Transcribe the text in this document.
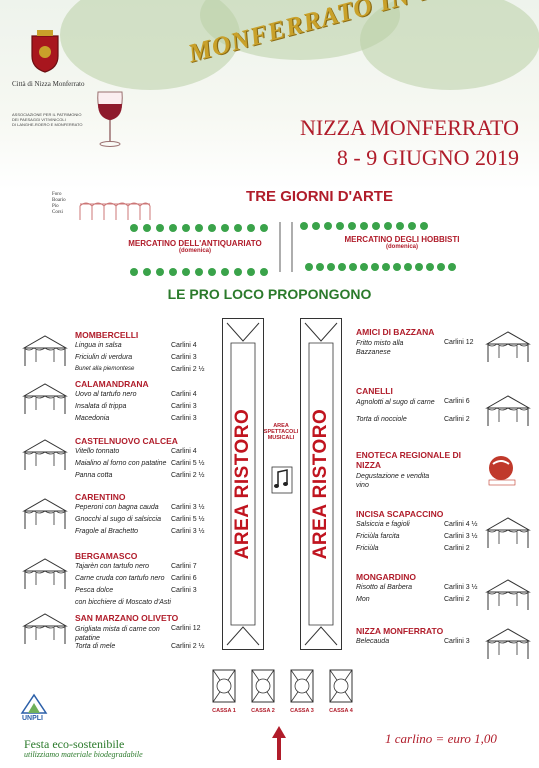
Città di Nizza Monferrato
ASSOCIAZIONE PER IL PATRIMONIO
DEI PAESAGGI VITIVINICOLI
DI LANGHE-ROERO E MONFERRATO
MONFERRATO
NIZZA MONFERRATO
8 - 9 GIUGNO 2019
Foro
Boario
Pio
Corsi
TRE GIORNI D'ARTE
MERCATINO DELL'ANTIQUARIATO
(domenica)
MERCATINO DEGLI HOBBISTI
(domenica)
LE PRO LOCO PROPONGONO
AREA RISTORO	AREA RISTORO
AREA
SPETTACOLI
MUSICALI
MOMBERCELLI
Lingua in salsa	Carlini 4
Friciulin di verdura	Carlini 3
Bunet alla piemontese	Carlini 2 ½
CALAMANDRANA
Uovo al tartufo nero	Carlini 4
Insalata di trippa	Carlini 3
Macedonia	Carlini 3
CASTELNUOVO CALCEA
Vitello tonnato	Carlini 4
Maialino al forno con patatine Carlini 5 ½
Panna cotta	Carlini 2 ½
CARENTINO
Peperoni con bagna cauda Carlini 3 ½
Gnocchi al sugo di salsiccia Carlini 5 ½
Fragole al Brachetto	Carlini 3 ½
BERGAMASCO
Tajarèn con tartufo nero	Carlini 7
Carne cruda con tartufo nero Carlini 6
Pesca dolce	Carlini 3
con bicchiere di Moscato d'Asti
SAN MARZANO OLIVETO
Grigliata mista di carne con patatine
Carlini 12
Torta di mele	Carlini 2 ½
AMICI DI BAZZANA
Fritto misto alla Bazzanese
Carlini 12
CANELLI
Agnolotti al sugo di carne Carlini 6
Torta di nocciole	Carlini 2
ENOTECA REGIONALE DI NIZZA
Degustazione e vendita vino
INCISA SCAPACCINO
Salsiccia e fagioli	Carlini 4 ½
Friciùla farcita	Carlini 3 ½
Friciùla	Carlini 2
MONGARDINO
Risotto al Barbera	Carlini 3 ½
Mon	Carlini 2
NIZZA MONFERRATO
Belecauda	Carlini 3
CASSA 1	CASSA 2	CASSA 3	CASSA 4
UNPLI
Festa eco-sostenibile
utilizziamo materiale biodegradabile
1 carlino = euro 1,00
